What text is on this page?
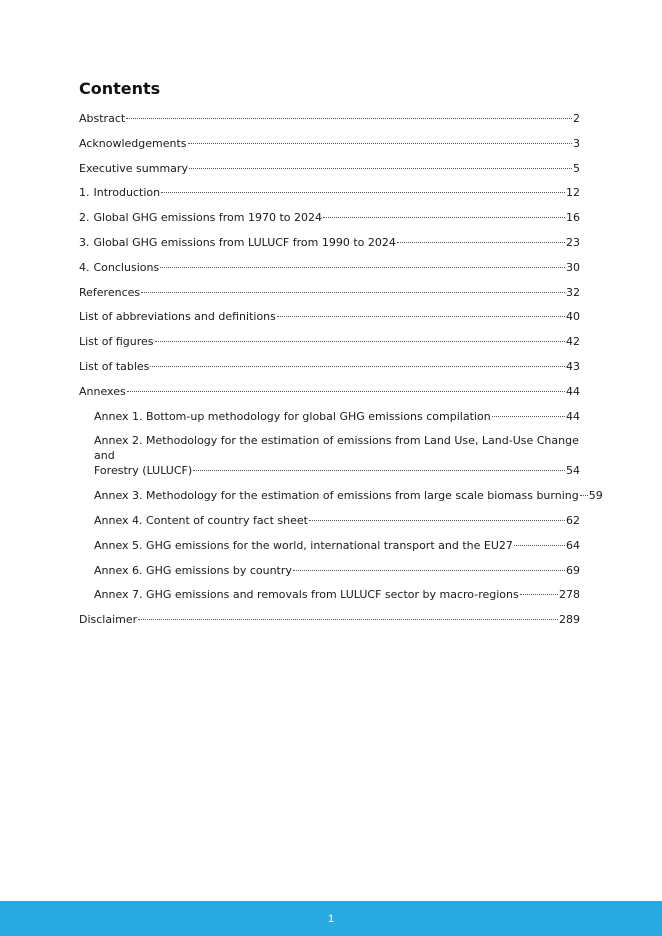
Contents
Abstract	2
Acknowledgements	3
Executive summary	5
1. Introduction	12
2. Global GHG emissions from 1970 to 2024	16
3. Global GHG emissions from LULUCF from 1990 to 2024	23
4. Conclusions	30
References	32
List of abbreviations and definitions	40
List of figures	42
List of tables	43
Annexes	44
Annex 1. Bottom-up methodology for global GHG emissions compilation	44
Annex 2. Methodology for the estimation of emissions from Land Use, Land-Use Change and
Forestry (LULUCF)	54
Annex 3. Methodology for the estimation of emissions from large scale biomass burning 59
Annex 4. Content of country fact sheet	62
Annex 5. GHG emissions for the world, international transport and the EU27	64
Annex 6. GHG emissions by country	69
Annex 7. GHG emissions and removals from LULUCF sector by macro-regions	278
Disclaimer	289
1
